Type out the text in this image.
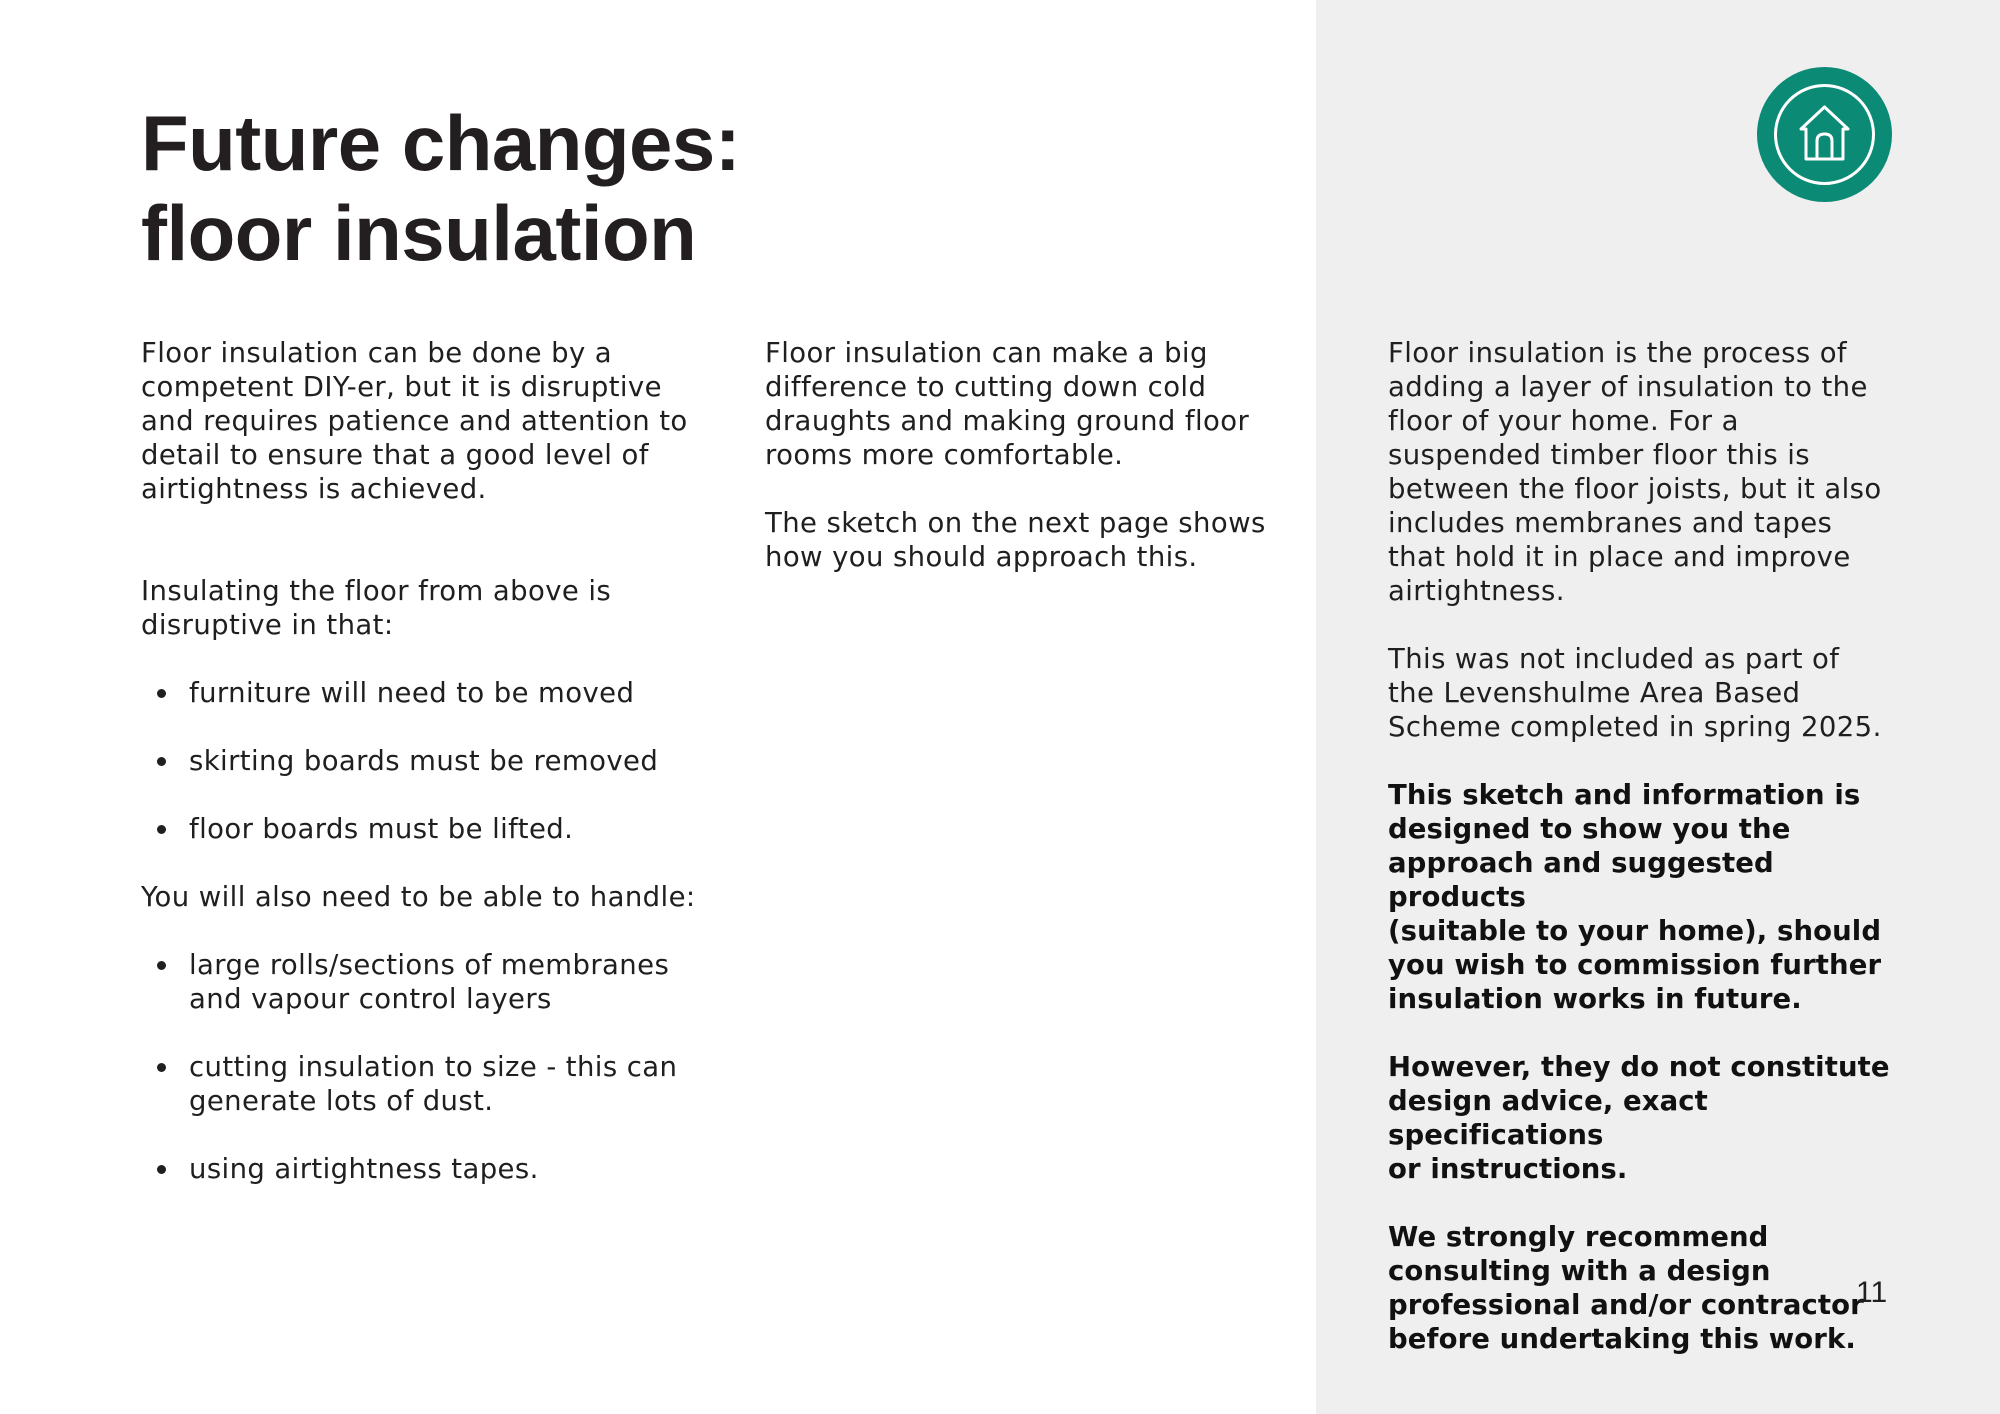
Future changes:
floor insulation

Floor insulation can be done by a
competent DIY-er, but it is disruptive
and requires patience and attention to
detail to ensure that a good level of
airtightness is achieved.

Insulating the floor from above is
disruptive in that:

furniture will need to be moved
skirting boards must be removed
floor boards must be lifted.

You will also need to be able to handle:

large rolls/sections of membranes
and vapour control layers
cutting insulation to size - this can
generate lots of dust.
using airtightness tapes.

Floor insulation can make a big
difference to cutting down cold
draughts and making ground floor
rooms more comfortable.

The sketch on the next page shows
how you should approach this.

Floor insulation is the process of
adding a layer of insulation to the
floor of your home. For a
suspended timber floor this is
between the floor joists, but it also
includes membranes and tapes
that hold it in place and improve
airtightness.

This was not included as part of
the Levenshulme Area Based
Scheme completed in spring 2025.

This sketch and information is
designed to show you the
approach and suggested products
(suitable to your home), should
you wish to commission further
insulation works in future.

However, they do not constitute
design advice, exact specifications
or instructions.

We strongly recommend
consulting with a design
professional and/or contractor
before undertaking this work.

11
